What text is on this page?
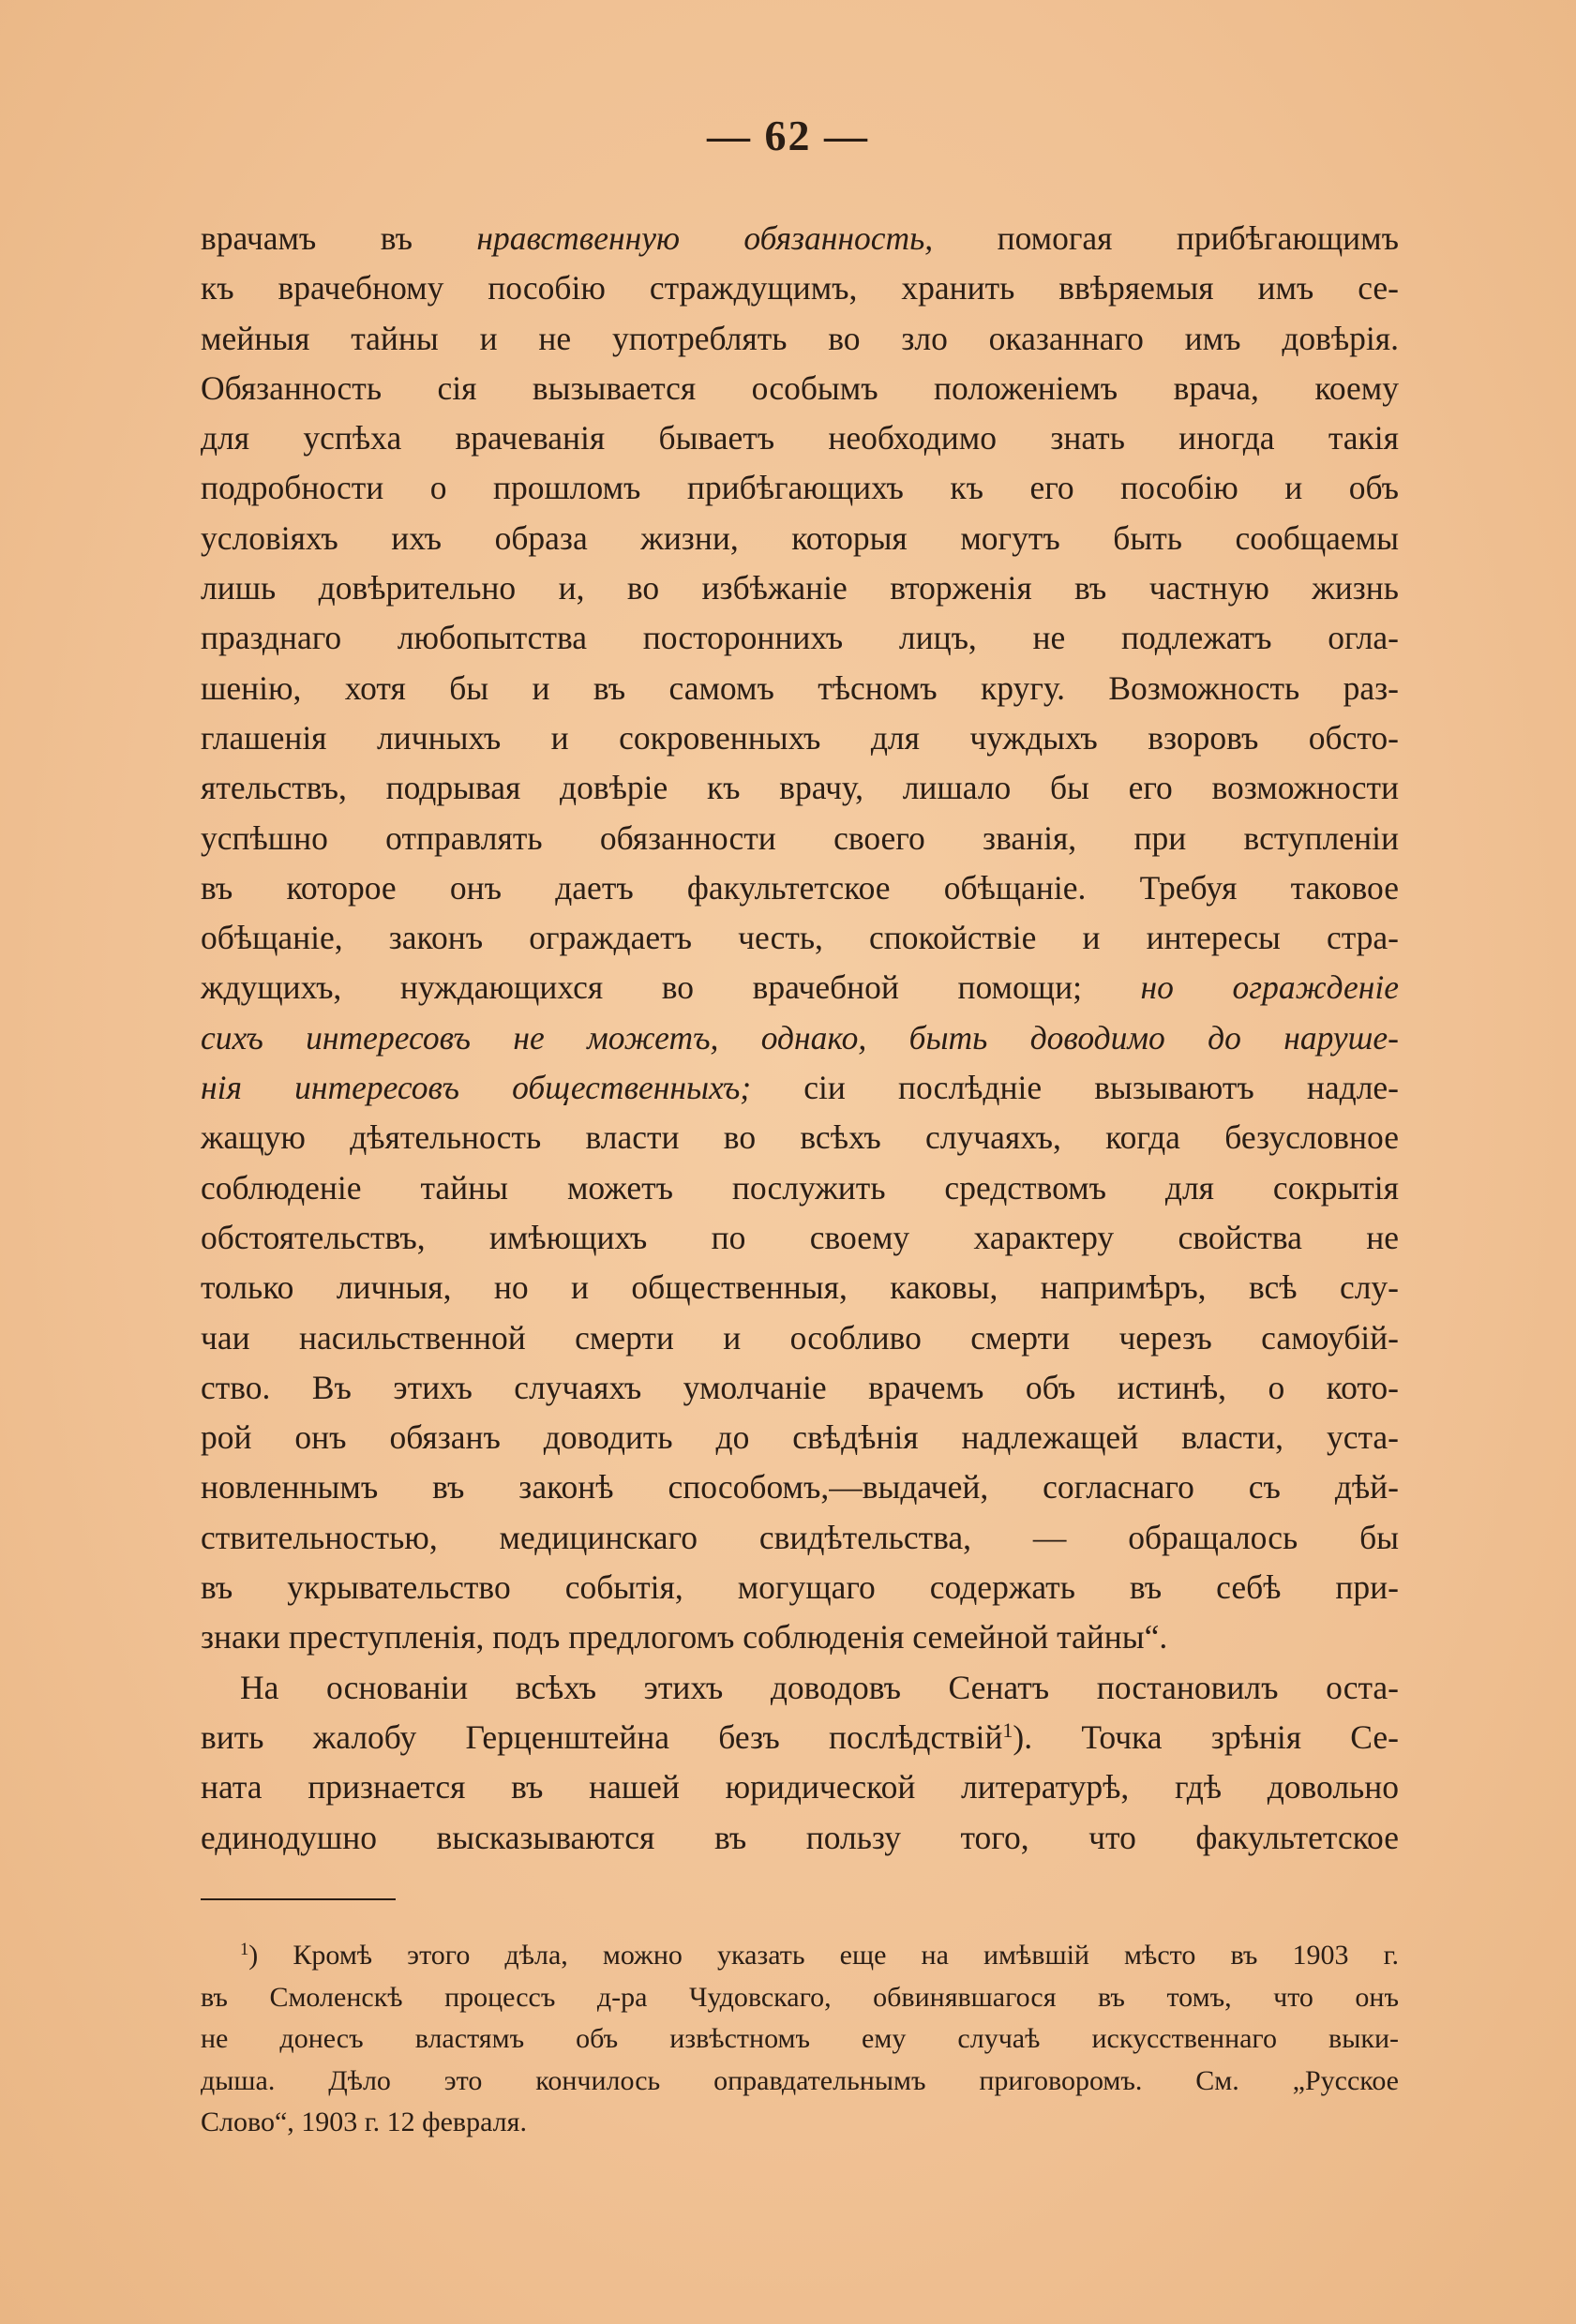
— 62 —
врачамъ въ нравственную обязанность, помогая прибѣгающимъ
къ врачебному пособію страждущимъ, хранить ввѣряемыя имъ се-
мейныя тайны и не употреблять во зло оказаннаго имъ довѣрія.
Обязанность сія вызывается особымъ положеніемъ врача, коему
для успѣха врачеванія бываетъ необходимо знать иногда такія
подробности о прошломъ прибѣгающихъ къ его пособію и объ
условіяхъ ихъ образа жизни, которыя могутъ быть сообщаемы
лишь довѣрительно и, во избѣжаніе вторженія въ частную жизнь
празднаго любопытства постороннихъ лицъ, не подлежатъ огла-
шенію, хотя бы и въ самомъ тѣсномъ кругу. Возможность раз-
глашенія личныхъ и сокровенныхъ для чуждыхъ взоровъ обсто-
ятельствъ, подрывая довѣріе къ врачу, лишало бы его возможности
успѣшно отправлять обязанности своего званія, при вступленіи
въ которое онъ даетъ факультетское обѣщаніе. Требуя таковое
обѣщаніе, законъ ограждаетъ честь, спокойствіе и интересы стра-
ждущихъ, нуждающихся во врачебной помощи; но огражденіе
сихъ интересовъ не можетъ, однако, быть доводимо до наруше-
нія интересовъ общественныхъ; сіи послѣдніе вызываютъ надле-
жащую дѣятельность власти во всѣхъ случаяхъ, когда безусловное
соблюденіе тайны можетъ послужить средствомъ для сокрытія
обстоятельствъ, имѣющихъ по своему характеру свойства не
только личныя, но и общественныя, каковы, напримѣръ, всѣ слу-
чаи насильственной смерти и особливо смерти черезъ самоубій-
ство. Въ этихъ случаяхъ умолчаніе врачемъ объ истинѣ, о кото-
рой онъ обязанъ доводить до свѣдѣнія надлежащей власти, уста-
новленнымъ въ законѣ способомъ,—выдачей, согласнаго съ дѣй-
ствительностью, медицинскаго свидѣтельства, — обращалось бы
въ укрывательство событія, могущаго содержать въ себѣ при-
знаки преступленія, подъ предлогомъ соблюденія семейной тайны“.
На основаніи всѣхъ этихъ доводовъ Сенатъ постановилъ оста-
вить жалобу Герценштейна безъ послѣдствій$^1$). Точка зрѣнія Се-
ната признается въ нашей юридической литературѣ, гдѣ довольно
единодушно высказываются въ пользу того, что факультетское
$^1$) Кромѣ этого дѣла, можно указать еще на имѣвшій мѣсто въ 1903 г.
въ Смоленскѣ процессъ д-ра Чудовскаго, обвинявшагося въ томъ, что онъ
не донесъ властямъ объ извѣстномъ ему случаѣ искусственнаго выки-
дыша. Дѣло это кончилось оправдательнымъ приговоромъ. См. „Русское
Слово“, 1903 г. 12 февраля.
